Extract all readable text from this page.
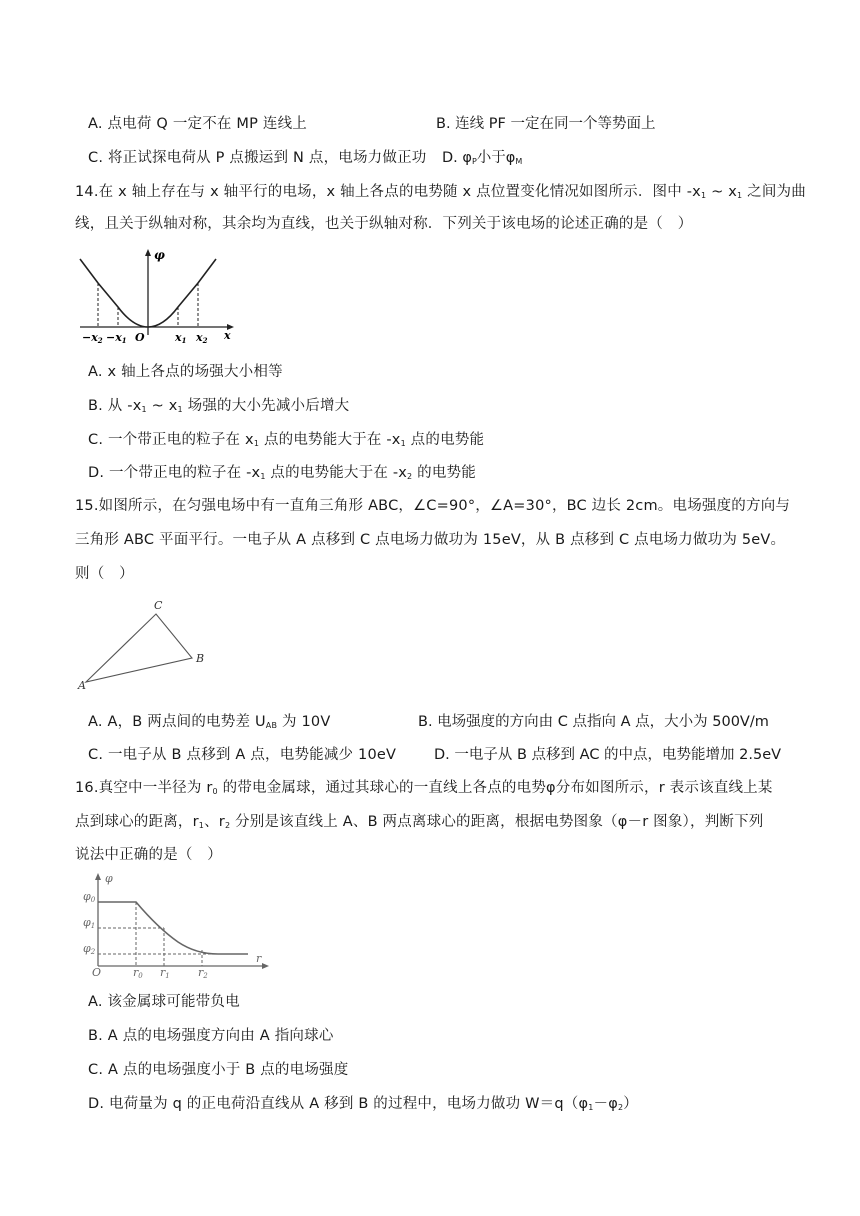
A. 点电荷 Q 一定不在 MP 连线上	B. 连线 PF 一定在同一个等势面上
C. 将正试探电荷从 P 点搬运到 N 点，电场力做正功 D. $\varphi_P$小于$\varphi_M$
14.在 x 轴上存在与 x 轴平行的电场，x 轴上各点的电势随 x 点位置变化情况如图所示．图中 $-x_1$ ~ $x_1$ 之间为曲
线，且关于纵轴对称，其余均为直线，也关于纵轴对称．下列关于该电场的论述正确的是（　）
φ
−x2 −x1 O	x1 x2 x
A. x 轴上各点的场强大小相等
B. 从 $-x_1$ ~ $x_1$ 场强的大小先减小后增大
C. 一个带正电的粒子在 $x_1$ 点的电势能大于在 $-x_1$ 点的电势能
D. 一个带正电的粒子在 $-x_1$ 点的电势能大于在 $-x_2$ 的电势能
15.如图所示，在匀强电场中有一直角三角形 ABC，∠C=90°，∠A=30°，BC 边长 2cm。电场强度的方向与
三角形 ABC 平面平行。一电子从 A 点移到 C 点电场力做功为 15eV，从 B 点移到 C 点电场力做功为 5eV。
则（　）
A
C
B
A. A，B 两点间的电势差 $U_{AB}$ 为 10V	B. 电场强度的方向由 C 点指向 A 点，大小为 500V/m
C. 一电子从 B 点移到 A 点，电势能减少 10eV	D. 一电子从 B 点移到 AC 的中点，电势能增加 2.5eV
16.真空中一半径为 $r_0$ 的带电金属球，通过其球心的一直线上各点的电势φ分布如图所示，r 表示该直线上某
点到球心的距离，$r_1$、$r_2$ 分别是该直线上 A、B 两点离球心的距离，根据电势图象（φ－r 图象），判断下列
说法中正确的是（　）
φ
φ0
φ1
φ2
O	r0 r1	r2
r
A. 该金属球可能带负电
B. A 点的电场强度方向由 A 指向球心
C. A 点的电场强度小于 B 点的电场强度
D. 电荷量为 q 的正电荷沿直线从 A 移到 B 的过程中，电场力做功 $W=q(\varphi_1-\varphi_2)$
